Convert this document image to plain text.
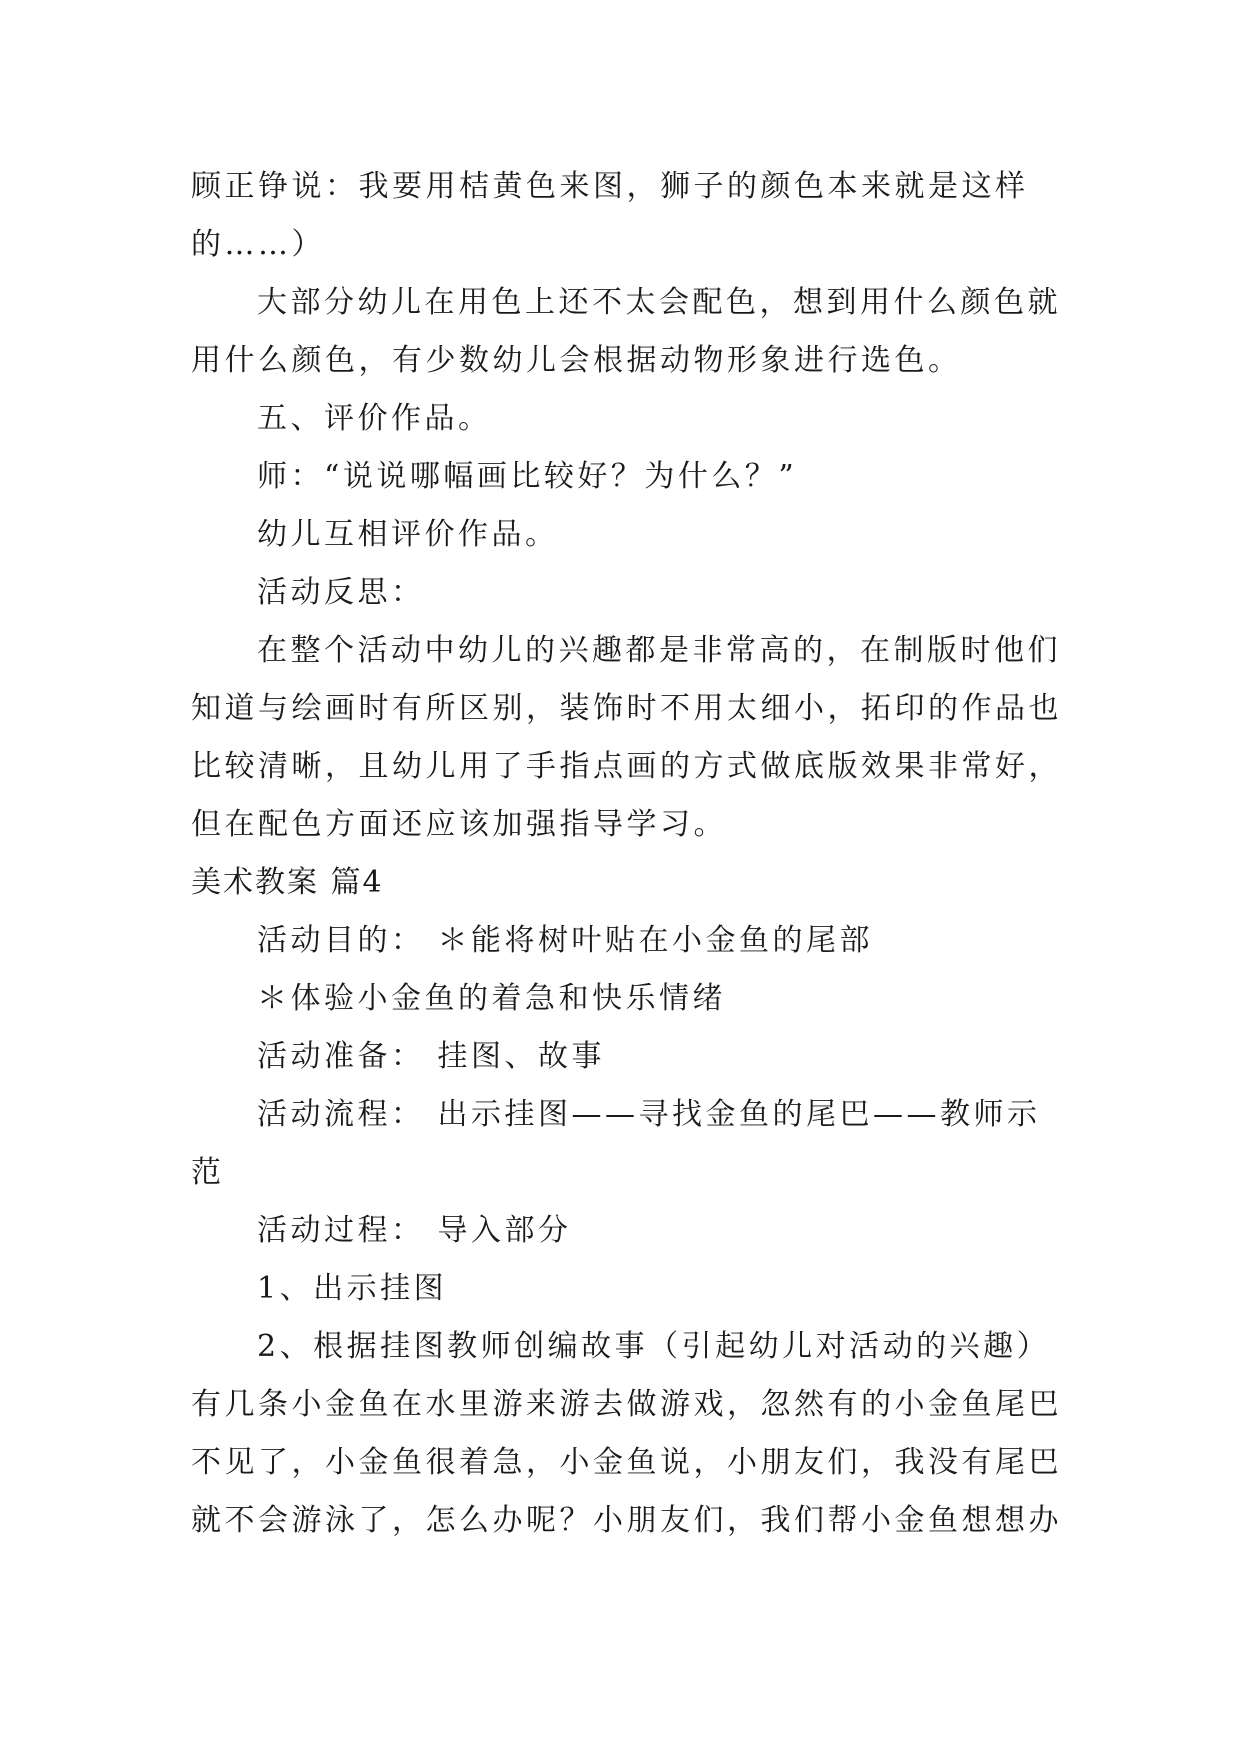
顾正铮说：我要用桔黄色来图，狮子的颜色本来就是这样
的……）
大部分幼儿在用色上还不太会配色，想到用什么颜色就
用什么颜色，有少数幼儿会根据动物形象进行选色。
五、评价作品。
师：“说说哪幅画比较好？为什么？”
幼儿互相评价作品。
活动反思：
在整个活动中幼儿的兴趣都是非常高的，在制版时他们
知道与绘画时有所区别，装饰时不用太细小，拓印的作品也
比较清晰，且幼儿用了手指点画的方式做底版效果非常好，
但在配色方面还应该加强指导学习。
美术教案 篇4
活动目的： ＊能将树叶贴在小金鱼的尾部
＊体验小金鱼的着急和快乐情绪
活动准备： 挂图、故事
活动流程： 出示挂图——寻找金鱼的尾巴——教师示
范
活动过程： 导入部分
1、出示挂图
2、根据挂图教师创编故事（引起幼儿对活动的兴趣）
有几条小金鱼在水里游来游去做游戏，忽然有的小金鱼尾巴
不见了，小金鱼很着急，小金鱼说，小朋友们，我没有尾巴
就不会游泳了，怎么办呢？小朋友们，我们帮小金鱼想想办
